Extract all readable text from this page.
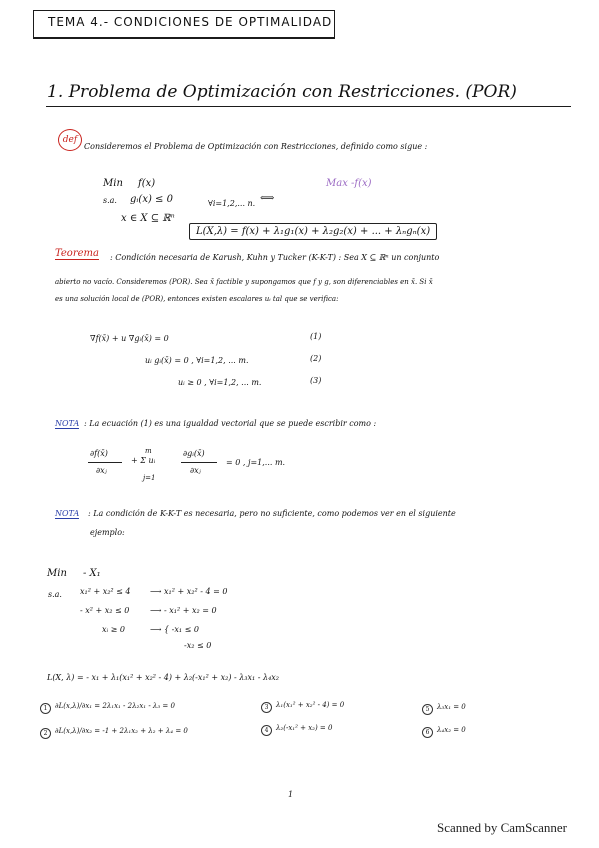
TEMA 4.- CONDICIONES DE OPTIMALIDAD
1. Problema de Optimización con Restricciones. (POR)
def
Consideremos el Problema de Optimización con Restricciones, definido como sigue :
Min f(x)
s.a. gᵢ(x) ≤ 0	∀i=1,2,... n. ⟺
Max -f(x)
x ∈ X ⊆ ℝⁿ
L(X,λ) = f(x) + λ₁g₁(x) + λ₂g₂(x) + ... + λₙgₙ(x)
Teorema : Condición necesaria de Karush, Kuhn y Tucker (K-K-T) : Sea X ⊆ ℝⁿ un conjunto
abierto no vacío. Consideremos (POR). Sea x̄ factible y supongamos que f y g, son diferenciables en x̄. Si x̄
es una solución local de (POR), entonces existen escalares uᵢ tal que se verifica:
∇f(x̄) + u ∇gᵢ(x̄) = 0	(1)
uᵢ gᵢ(x̄) = 0 , ∀i=1,2, ... m.	(2)
uᵢ ≥ 0 , ∀i=1,2, ... m.	(3)
NOTA : La ecuación (1) es una igualdad vectorial que se puede escribir como :
∂f(x̄)
∂xⱼ
m
+ Σ uᵢ
j=1
∂gᵢ(x̄)
∂xⱼ
= 0 , j=1,... m.
NOTA : La condición de K-K-T es necesaria, pero no suficiente, como podemos ver en el siguiente
ejemplo:
Min - X₁
s.a. x₁² + x₂² ≤ 4 ⟶ x₁² + x₂² - 4 = 0
- x² + x₂ ≤ 0	⟶ - x₁² + x₂ = 0
xᵢ ≥ 0	⟶ { -x₁ ≤ 0
-x₂ ≤ 0
L(X, λ) = - x₁ + λ₁(x₁² + x₂² - 4) + λ₂(-x₁² + x₂) - λ₃x₁ - λ₄x₂
1	∂L(x,λ)/∂x₁ = 2λ₁x₁ - 2λ₂x₁ - λ₃ = 0
2	∂L(x,λ)/∂x₂ = -1 + 2λ₁x₂ + λ₂ + λ₄ = 0
3	λ₁(x₁² + x₂² - 4) = 0
4	λ₂(-x₁² + x₂) = 0
5	λ₃x₁ = 0
6	λ₄x₂ = 0
1
Scanned by CamScanner
